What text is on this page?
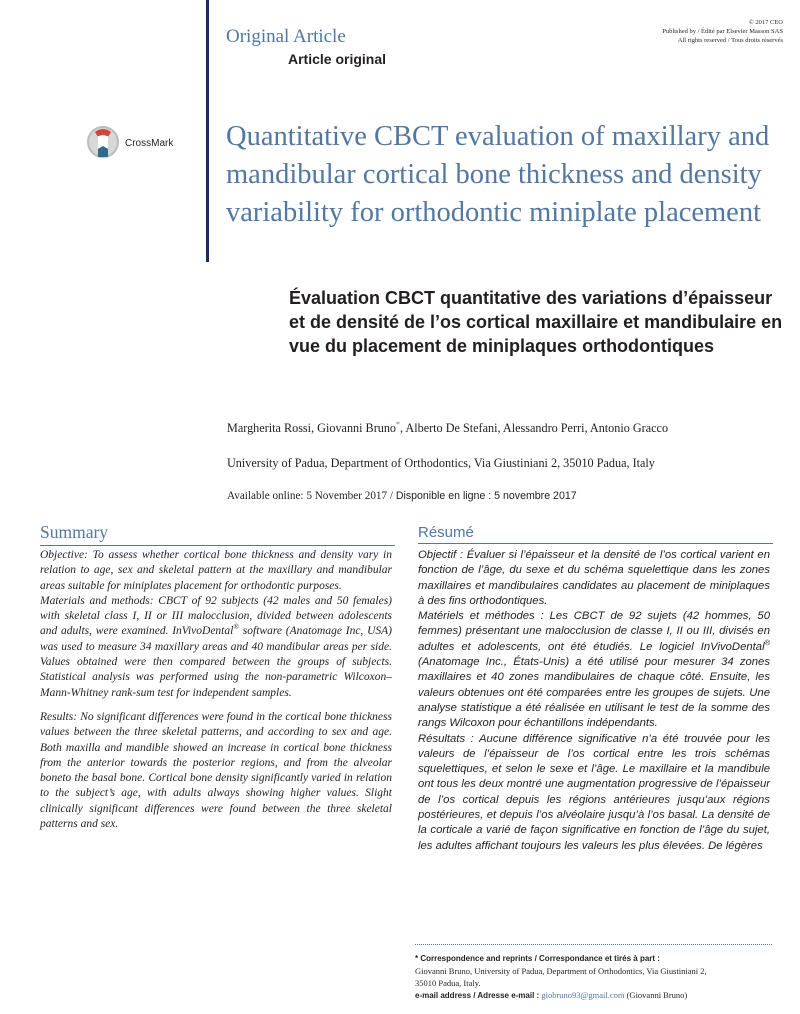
Original Article
Article original
© 2017 CEO
Published by / Édité par Elsevier Masson SAS
All rights reserved / Tous droits réservés
CrossMark Quantitative CBCT evaluation of maxillary and mandibular cortical bone thickness and density variability for orthodontic miniplate placement
Évaluation CBCT quantitative des variations d’épaisseur et de densité de l’os cortical maxillaire et mandibulaire en vue du placement de miniplaques orthodontiques
Margherita Rossi, Giovanni Bruno*, Alberto De Stefani, Alessandro Perri, Antonio Gracco
University of Padua, Department of Orthodontics, Via Giustiniani 2, 35010 Padua, Italy
Available online: 5 November 2017 / Disponible en ligne : 5 novembre 2017
Summary	Résumé

Objective: To assess whether cortical bone thickness and density vary in relation to age, sex and skeletal pattern at the maxillary and mandibular areas suitable for miniplates placement for orthodontic purposes.

Materials and methods: CBCT of 92 subjects (42 males and 50 females) with skeletal class I, II or III malocclusion, divided between adolescents and adults, were examined. InVivoDental® software (Anatomage Inc, USA) was used to measure 34 maxillary areas and 40 mandibular areas per side. Values obtained were then compared between the groups of subjects. Statistical analysis was performed using the non-parametric Wilcoxon–Mann-Whitney rank-sum test for independent samples.

Results: No significant differences were found in the cortical bone thickness values between the three skeletal patterns, and according to sex and age. Both maxilla and mandible showed an increase in cortical bone thickness from the anterior towards the posterior regions, and from the alveolar boneto the basal bone. Cortical bone density significantly varied in relation to the subject’s age, with adults always showing higher values. Slight clinically significant differences were found between the three skeletal patterns and sex.

Objectif : Évaluer si l’épaisseur et la densité de l’os cortical varient en fonction de l’âge, du sexe et du schéma squelettique dans les zones maxillaires et mandibulaires candidates au placement de miniplaques à des fins orthodontiques.

Matériels et méthodes : Les CBCT de 92 sujets (42 hommes, 50 femmes) présentant une malocclusion de classe I, II ou III, divisés en adultes et adolescents, ont été étudiés. Le logiciel InVivoDental® (Anatomage Inc., États-Unis) a été utilisé pour mesurer 34 zones maxillaires et 40 zones mandibulaires de chaque côté. Ensuite, les valeurs obtenues ont été comparées entre les groupes de sujets. Une analyse statistique a été réalisée en utilisant le test de la somme des rangs Wilcoxon pour échantillons indépendants.

Résultats : Aucune différence significative n’a été trouvée pour les valeurs de l’épaisseur de l’os cortical entre les trois schémas squelettiques, et selon le sexe et l’âge. Le maxillaire et la mandibule ont tous les deux montré une augmentation progressive de l’épaisseur de l’os cortical depuis les régions antérieures jusqu’aux régions postérieures, et depuis l’os alvéolaire jusqu’à l’os basal. La densité de la corticale a varié de façon significative en fonction de l’âge du sujet, les adultes affichant toujours les valeurs les plus élevées. De légères

* Correspondence and reprints / Correspondance et tirés à part :
Giovanni Bruno, University of Padua, Department of Orthodontics, Via Giustiniani 2,
35010 Padua, Italy.
e-mail address / Adresse e-mail : giobruno93@gmail.com (Giovanni Bruno)
